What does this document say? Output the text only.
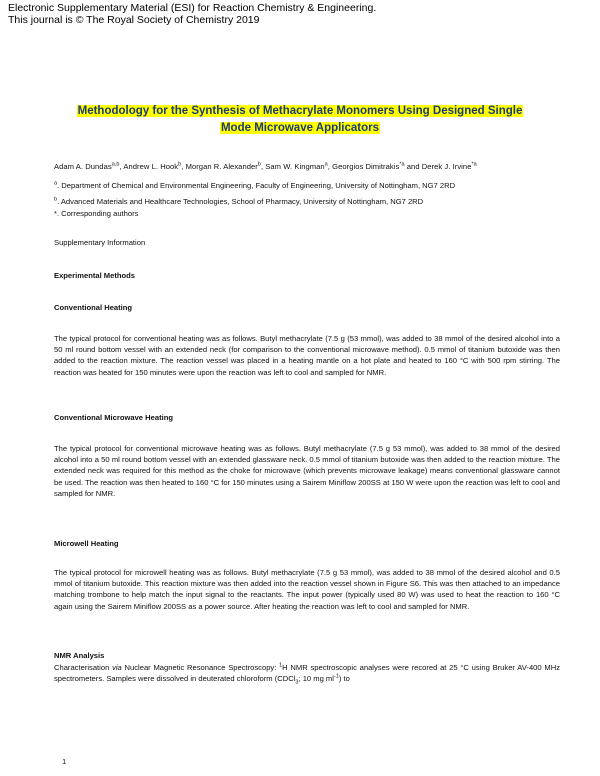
Electronic Supplementary Material (ESI) for Reaction Chemistry & Engineering.
This journal is © The Royal Society of Chemistry 2019
Methodology for the Synthesis of Methacrylate Monomers Using Designed Single
Mode Microwave Applicators
Adam A. Dundas$^{a,b}$, Andrew L. Hook$^b$, Morgan R. Alexander$^b$, Sam W. Kingman$^a$, Georgios Dimitrakis$^{*a}$ and Derek J. Irvine$^{*a}$
$^a$. Department of Chemical and Environmental Engineering, Faculty of Engineering, University of Nottingham, NG7 2RD
$^b$. Advanced Materials and Healthcare Technologies, School of Pharmacy, University of Nottingham, NG7 2RD
*. Corresponding authors
Supplementary Information
Experimental Methods
Conventional Heating
The typical protocol for conventional heating was as follows. Butyl methacrylate (7.5 g (53 mmol), was added to 38 mmol of the desired alcohol into a 50 ml round bottom vessel with an extended neck (for comparison to the conventional microwave method). 0.5 mmol of titanium butoxide was then added to the reaction mixture. The reaction vessel was placed in a heating mantle on a hot plate and heated to 160 °C with 500 rpm stirring. The reaction was heated for 150 minutes were upon the reaction was left to cool and sampled for NMR.
Conventional Microwave Heating
The typical protocol for conventional microwave heating was as follows. Butyl methacrylate (7.5 g 53 mmol), was added to 38 mmol of the desired alcohol into a 50 ml round bottom vessel with an extended glassware neck. 0.5 mmol of titanium butoxide was then added to the reaction mixture. The extended neck was required for this method as the choke for microwave (which prevents microwave leakage) means conventional glassware cannot be used. The reaction was then heated to 160 °C for 150 minutes using a Sairem Miniflow 200SS at 150 W were upon the reaction was left to cool and sampled for NMR.
Microwell Heating
The typical protocol for microwell heating was as follows. Butyl methacrylate (7.5 g 53 mmol), was added to 38 mmol of the desired alcohol and 0.5 mmol of titanium butoxide. This reaction mixture was then added into the reaction vessel shown in Figure S6. This was then attached to an impedance matching trombone to help match the input signal to the reactants. The input power (typically used 80 W) was used to heat the reaction to 160 °C again using the Sairem Miniflow 200SS as a power source. After heating the reaction was left to cool and sampled for NMR.
NMR Analysis
Characterisation via Nuclear Magnetic Resonance Spectroscopy: $^1$H NMR spectroscopic analyses were recored at 25 °C using Bruker AV-400 MHz spectrometers. Samples were dissolved in deuterated chloroform (CDCl$_3$; 10 mg $ml^{-1}$) to
1
